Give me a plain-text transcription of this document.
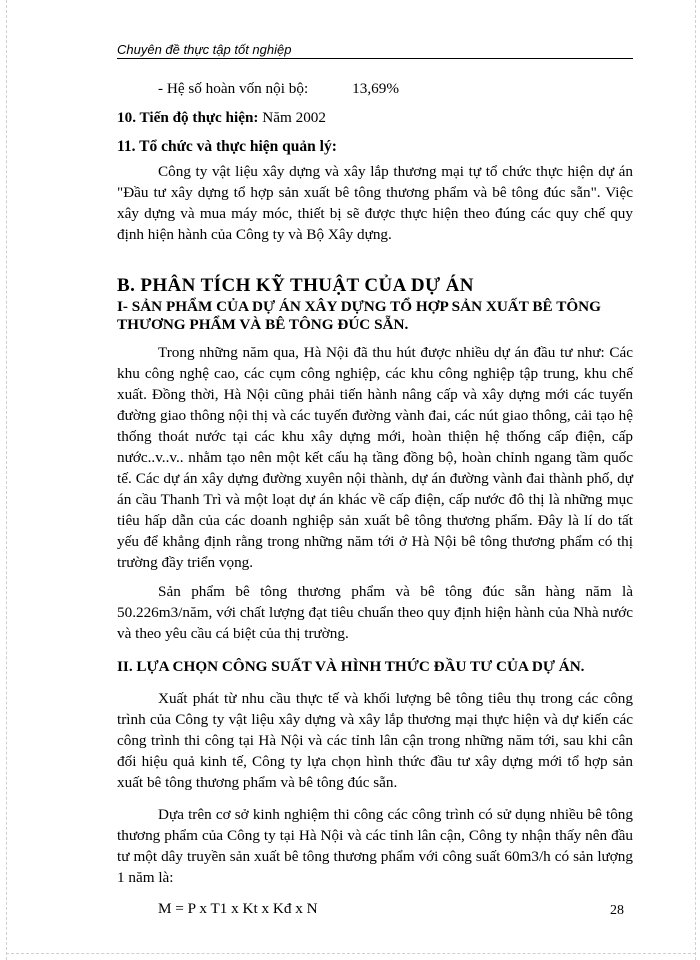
Chuyên đề thực tập tốt nghiệp

- Hệ số hoàn vốn nội bộ:	13,69%

10. Tiến độ thực hiện: Năm 2002

11. Tổ chức và thực hiện quản lý:

Công ty vật liệu xây dựng và xây lắp thương mại tự tổ chức thực hiện dự án "Đầu tư xây dựng tổ hợp sản xuất bê tông thương phẩm và bê tông đúc sẵn". Việc xây dựng và mua máy móc, thiết bị sẽ được thực hiện theo đúng các quy chế quy định hiện hành của Công ty và Bộ Xây dựng.

B. PHÂN TÍCH KỸ THUẬT CỦA DỰ ÁN

I- SẢN PHẨM CỦA DỰ ÁN XÂY DỰNG TỔ HỢP SẢN XUẤT BÊ TÔNG THƯƠNG PHẨM VÀ BÊ TÔNG ĐÚC SẴN.

Trong những năm qua, Hà Nội đã thu hút được nhiều dự án đầu tư như: Các khu công nghệ cao, các cụm công nghiệp, các khu công nghiệp tập trung, khu chế xuất. Đồng thời, Hà Nội cũng phải tiến hành nâng cấp và xây dựng mới các tuyến đường giao thông nội thị và các tuyến đường vành đai, các nút giao thông, cải tạo hệ thống thoát nước tại các khu xây dựng mới, hoàn thiện hệ thống cấp điện, cấp nước..v..v.. nhằm tạo nên một kết cấu hạ tầng đồng bộ, hoàn chỉnh ngang tầm quốc tế. Các dự án xây dựng đường xuyên nội thành, dự án đường vành đai thành phố, dự án cầu Thanh Trì và một loạt dự án khác về cấp điện, cấp nước đô thị là những mục tiêu hấp dẫn của các doanh nghiệp sản xuất bê tông thương phẩm. Đây là lí do tất yếu để khẳng định rằng trong những năm tới ở Hà Nội bê tông thương phẩm có thị trường đầy triển vọng.

Sản phẩm bê tông thương phẩm và bê tông đúc sẵn hàng năm là 50.226m3/năm, với chất lượng đạt tiêu chuẩn theo quy định hiện hành của Nhà nước và theo yêu cầu cá biệt của thị trường.

II. LỰA CHỌN CÔNG SUẤT VÀ HÌNH THỨC ĐẦU TƯ CỦA DỰ ÁN.

Xuất phát từ nhu cầu thực tế và khối lượng bê tông tiêu thụ trong các công trình của Công ty vật liệu xây dựng và xây lắp thương mại thực hiện và dự kiến các công trình thi công tại Hà Nội và các tỉnh lân cận trong những năm tới, sau khi cân đối hiệu quả kinh tế, Công ty lựa chọn hình thức đầu tư xây dựng mới tổ hợp sản xuất bê tông thương phẩm và bê tông đúc sẵn.

Dựa trên cơ sở kinh nghiệm thi công các công trình có sử dụng nhiều bê tông thương phẩm của Công ty tại Hà Nội và các tỉnh lân cận, Công ty nhận thấy nên đầu tư một dây truyền sản xuất bê tông thương phẩm với công suất 60m3/h có sản lượng 1 năm là:

M = P x T1 x Kt x Kđ x N	28
